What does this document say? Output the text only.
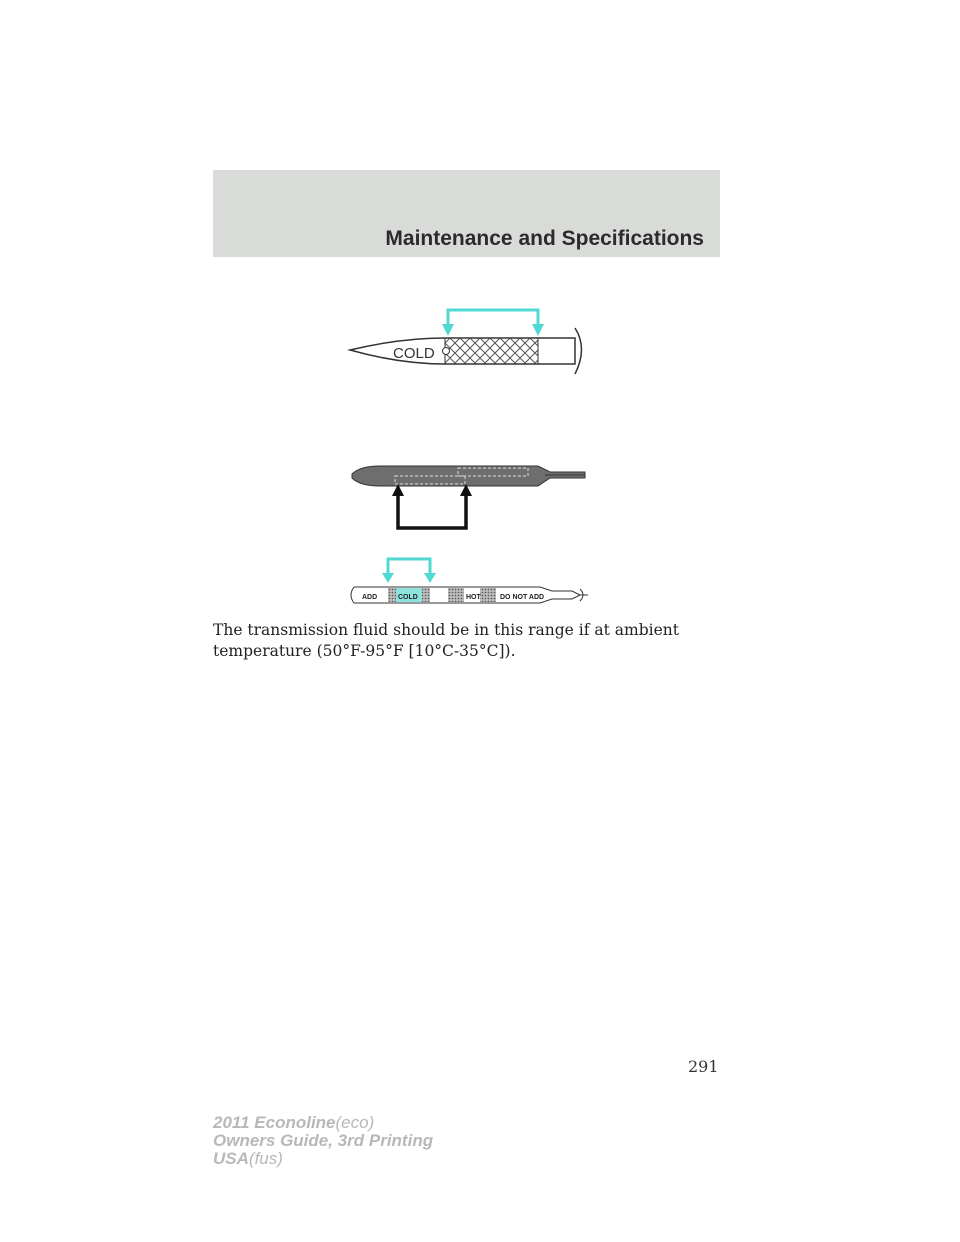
Maintenance and Specifications
COLD
ADD	COLD	HOT	DO NOT ADD
The transmission fluid should be in this range if at ambient temperature (50°F-95°F [10°C-35°C]).
291
2011 Econoline(eco)
Owners Guide, 3rd Printing
USA(fus)
